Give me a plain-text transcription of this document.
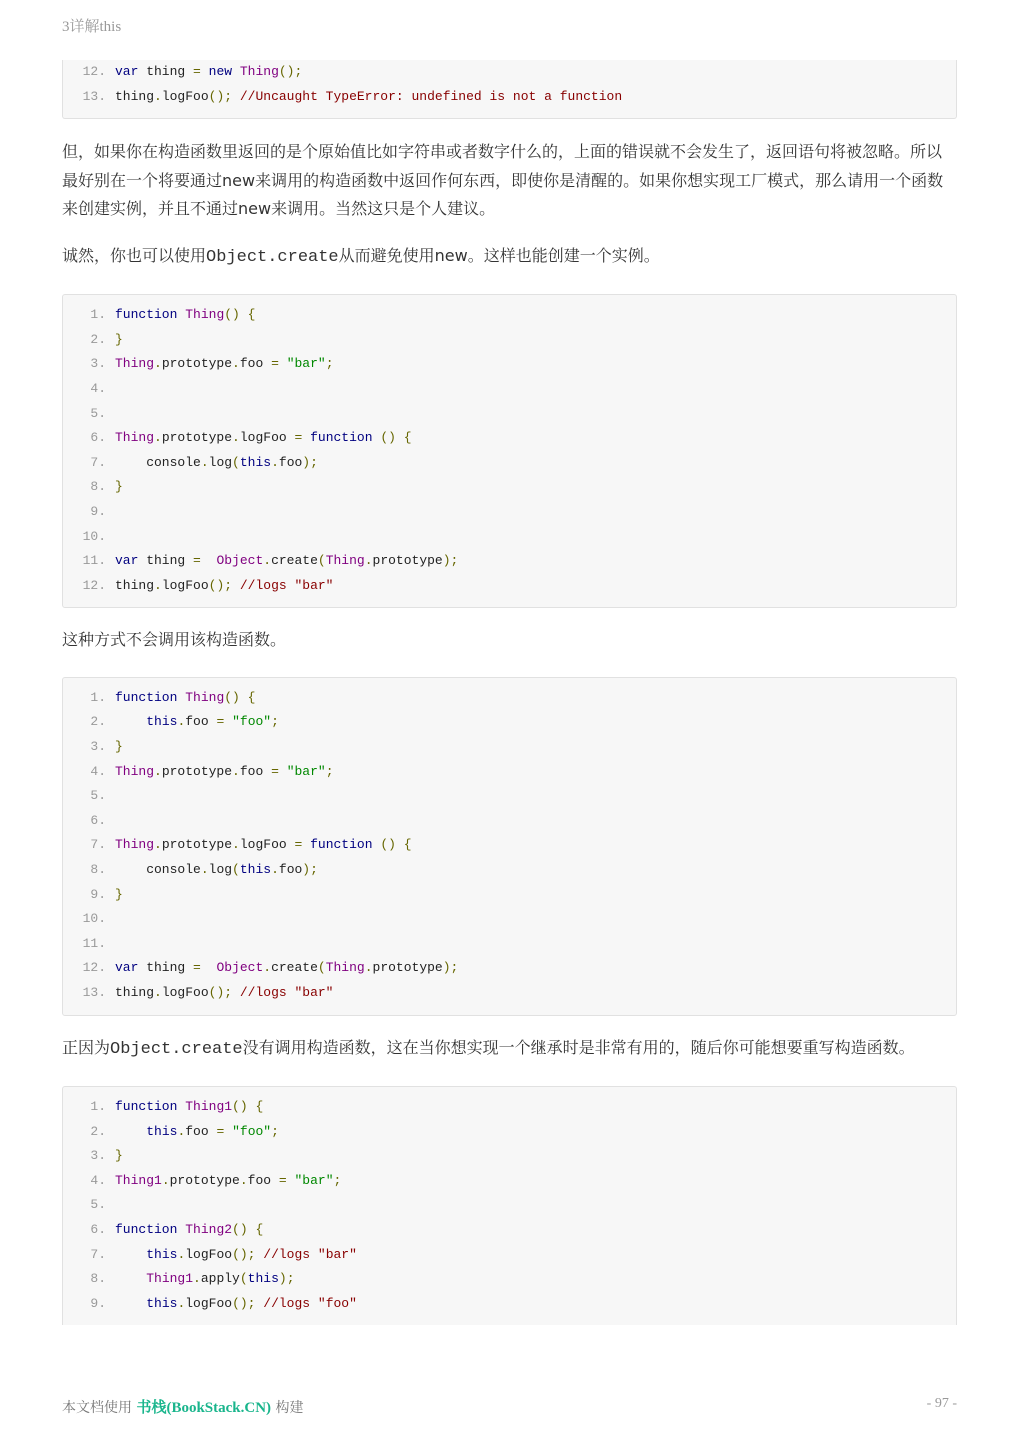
3详解this
12. var thing = new Thing();
13. thing.logFoo(); //Uncaught TypeError: undefined is not a function

但，如果你在构造函数里返回的是个原始值比如字符串或者数字什么的，上面的错误就不会发生了，返回语句将被忽略。所以最好别在一个将要通过new来调用的构造函数中返回作何东西，即使你是清醒的。如果你想实现工厂模式，那么请用一个函数来创建实例，并且不通过new来调用。当然这只是个人建议。

诚然，你也可以使用Object.create从而避免使用new。这样也能创建一个实例。

1. function Thing() {
2. }
3. Thing.prototype.foo = "bar";
4.
5.
6. Thing.prototype.logFoo = function () {
7.    console.log(this.foo);
8. }
9.
10.
11. var thing = Object.create(Thing.prototype);
12. thing.logFoo(); //logs "bar"

这种方式不会调用该构造函数。

1. function Thing() {
2.	this.foo = "foo";
3. }
4. Thing.prototype.foo = "bar";
5.
6.
7. Thing.prototype.logFoo = function () {
8.    console.log(this.foo);
9. }
10.
11.
12. var thing = Object.create(Thing.prototype);
13. thing.logFoo(); //logs "bar"

正因为Object.create没有调用构造函数，这在当你想实现一个继承时是非常有用的，随后你可能想要重写构造函数。

1. function Thing1() {
2.	this.foo = "foo";
3. }
4. Thing1.prototype.foo = "bar";
5.
6. function Thing2() {
7.	this.logFoo(); //logs "bar"
8.	Thing1.apply(this);
9.	this.logFoo(); //logs "foo"
本文档使用 书栈(BookStack.CN) 构建	- 97 -
